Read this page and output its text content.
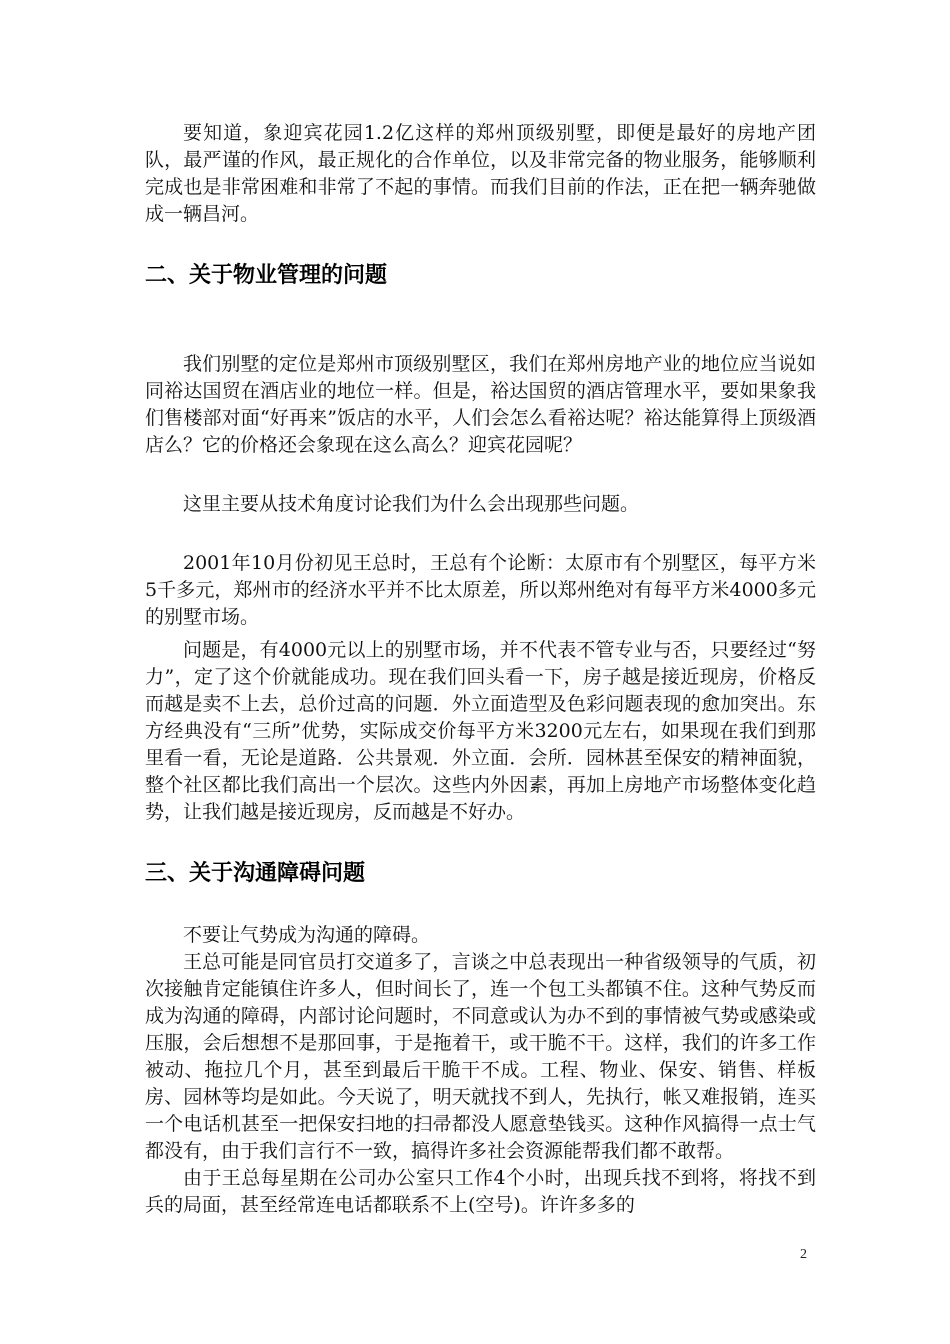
要知道，象迎宾花园1.2亿这样的郑州顶级别墅，即便是最好的房地产团队，最严谨的作风，最正规化的合作单位，以及非常完备的物业服务，能够顺利完成也是非常困难和非常了不起的事情。而我们目前的作法，正在把一辆奔驰做成一辆昌河。

二、关于物业管理的问题

我们别墅的定位是郑州市顶级别墅区，我们在郑州房地产业的地位应当说如同裕达国贸在酒店业的地位一样。但是，裕达国贸的酒店管理水平，要如果象我们售楼部对面“好再来”饭店的水平，人们会怎么看裕达呢？裕达能算得上顶级酒店么？它的价格还会象现在这么高么？迎宾花园呢？

这里主要从技术角度讨论我们为什么会出现那些问题。

2001年10月份初见王总时，王总有个论断：太原市有个别墅区，每平方米5千多元，郑州市的经济水平并不比太原差，所以郑州绝对有每平方米4000多元的别墅市场。

问题是，有4000元以上的别墅市场，并不代表不管专业与否，只要经过“努力”，定了这个价就能成功。现在我们回头看一下，房子越是接近现房，价格反而越是卖不上去，总价过高的问题．外立面造型及色彩问题表现的愈加突出。东方经典没有“三所”优势，实际成交价每平方米3200元左右，如果现在我们到那里看一看，无论是道路．公共景观．外立面．会所．园林甚至保安的精神面貌，整个社区都比我们高出一个层次。这些内外因素，再加上房地产市场整体变化趋势，让我们越是接近现房，反而越是不好办。

三、关于沟通障碍问题

不要让气势成为沟通的障碍。

王总可能是同官员打交道多了，言谈之中总表现出一种省级领导的气质，初次接触肯定能镇住许多人，但时间长了，连一个包工头都镇不住。这种气势反而成为沟通的障碍，内部讨论问题时，不同意或认为办不到的事情被气势或感染或压服，会后想想不是那回事，于是拖着干，或干脆不干。这样，我们的许多工作被动、拖拉几个月，甚至到最后干脆干不成。工程、物业、保安、销售、样板房、园林等均是如此。今天说了，明天就找不到人，先执行，帐又难报销，连买一个电话机甚至一把保安扫地的扫帚都没人愿意垫钱买。这种作风搞得一点士气都没有，由于我们言行不一致，搞得许多社会资源能帮我们都不敢帮。

由于王总每星期在公司办公室只工作4个小时，出现兵找不到将，将找不到兵的局面，甚至经常连电话都联系不上(空号)。许许多多的

2
